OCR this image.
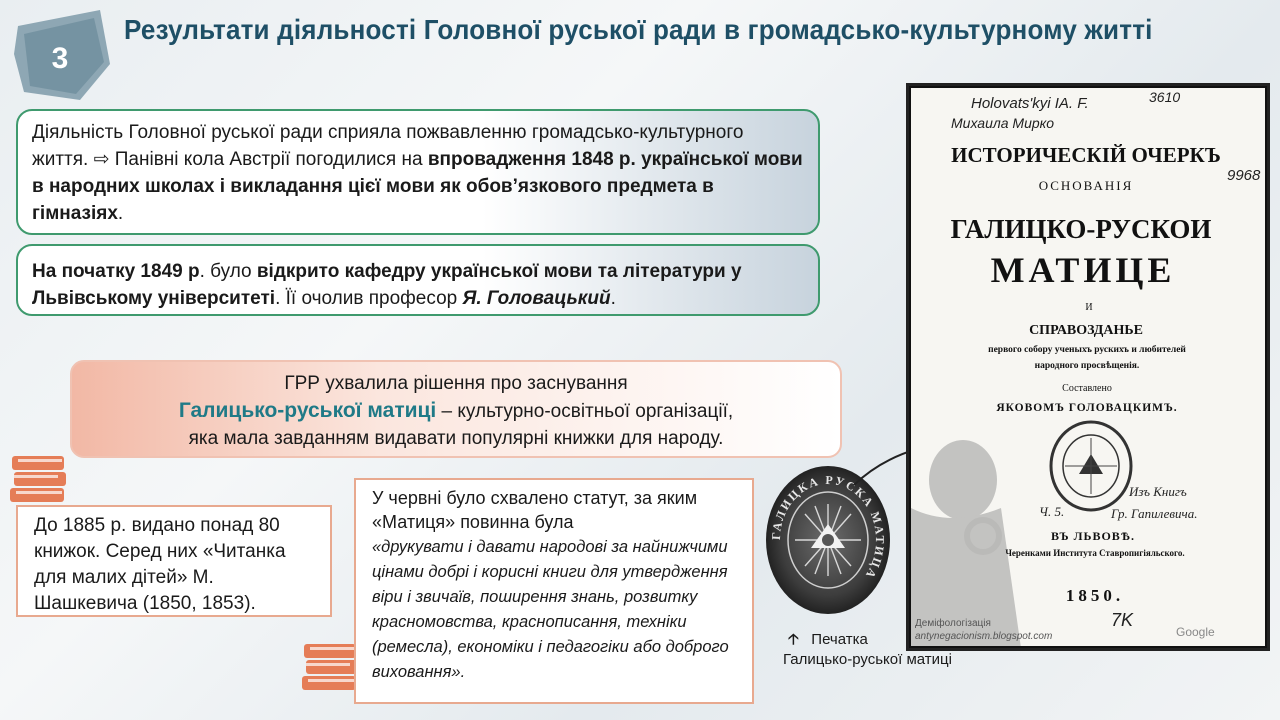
3
Результати діяльності Головної руської ради в громадсько-культурному житті
Діяльність Головної руської ради сприяла пожвавленню громадсько-культурного життя. ⇨ Панівні кола Австрії погодилися на впровадження 1848 р. української мови в народних школах і викладання цієї мови як обов’язкового предмета в гімназіях.
На початку 1849 р. було відкрито кафедру української мови та літератури у Львівському університеті. Її очолив професор Я. Головацький.
ГРР ухвалила рішення про заснування
Галицько-руської матиці – культурно-освітньої організації,
яка мала завданням видавати популярні книжки для народу.
До 1885 р. видано понад 80 книжок. Серед них «Читанка для малих дітей» М. Шашкевича (1850, 1853).
У червні було схвалено статут, за яким «Матиця» повинна була
«друкувати і давати народові за найнижчими цінами добрі і корисні книги для утвердження віри і звичаїв, поширення знань, розвитку красномовства, краснописання, техніки (ремесла), економіки і педагогіки або доброго виховання».
ГАЛИЦКА РУСКА МАТИЦА
Holovats'kyi IA. F.	3610
Михаила Мирко
9968
ИСТОРИЧЕСКІЙ ОЧЕРКЪ
ОСНОВАНІЯ
ГАЛИЦКО-РУСКОИ
МАТИЦЕ
И
СПРАВОЗДАНЬЕ
первого собору ученыхъ рускихъ и любителей
народного просвѣщенія.
Составлено
ЯКОВОМЪ ГОЛОВАЦКИМЪ.
ВЪ ЛЬВОВѢ.
Черенками Института Ставропигіяльского.
1850.
Изъ Книгъ
Ч. 5.	Гр. Гапилевича.
Деміфологізація
antynegacionism.blogspot.com	Google
7K
🡡 Печатка
Галицько-руської матиці
